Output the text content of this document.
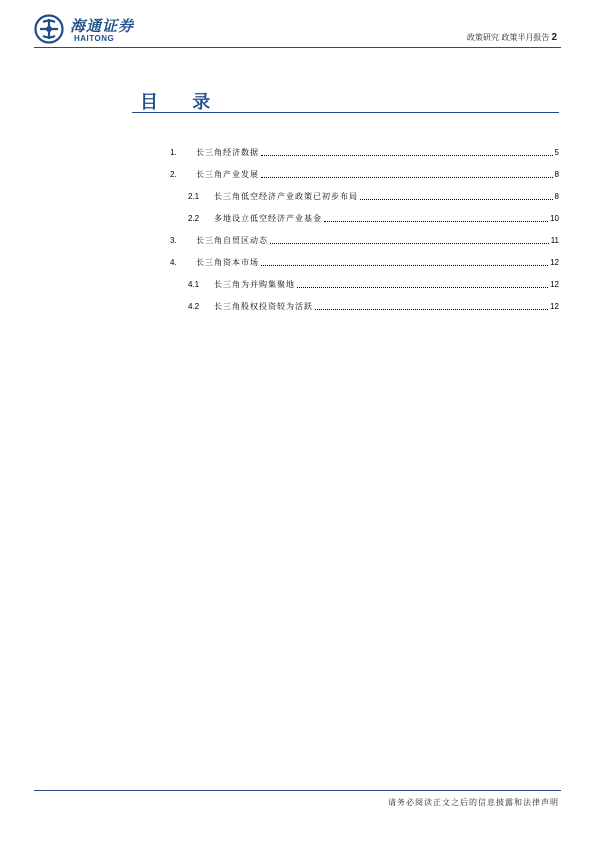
海通证券
HAITONG	政策研究 政策半月报告 2
目 录
1.	长三角经济数据	5
2.	长三角产业发展	8
2.1	长三角低空经济产业政策已初步布局	8
2.2	多地设立低空经济产业基金	10
3.	长三角自贸区动态	11
4.	长三角资本市场	12
4.1	长三角为并购集聚地	12
4.2	长三角股权投资较为活跃	12
请务必阅读正文之后的信息披露和法律声明
